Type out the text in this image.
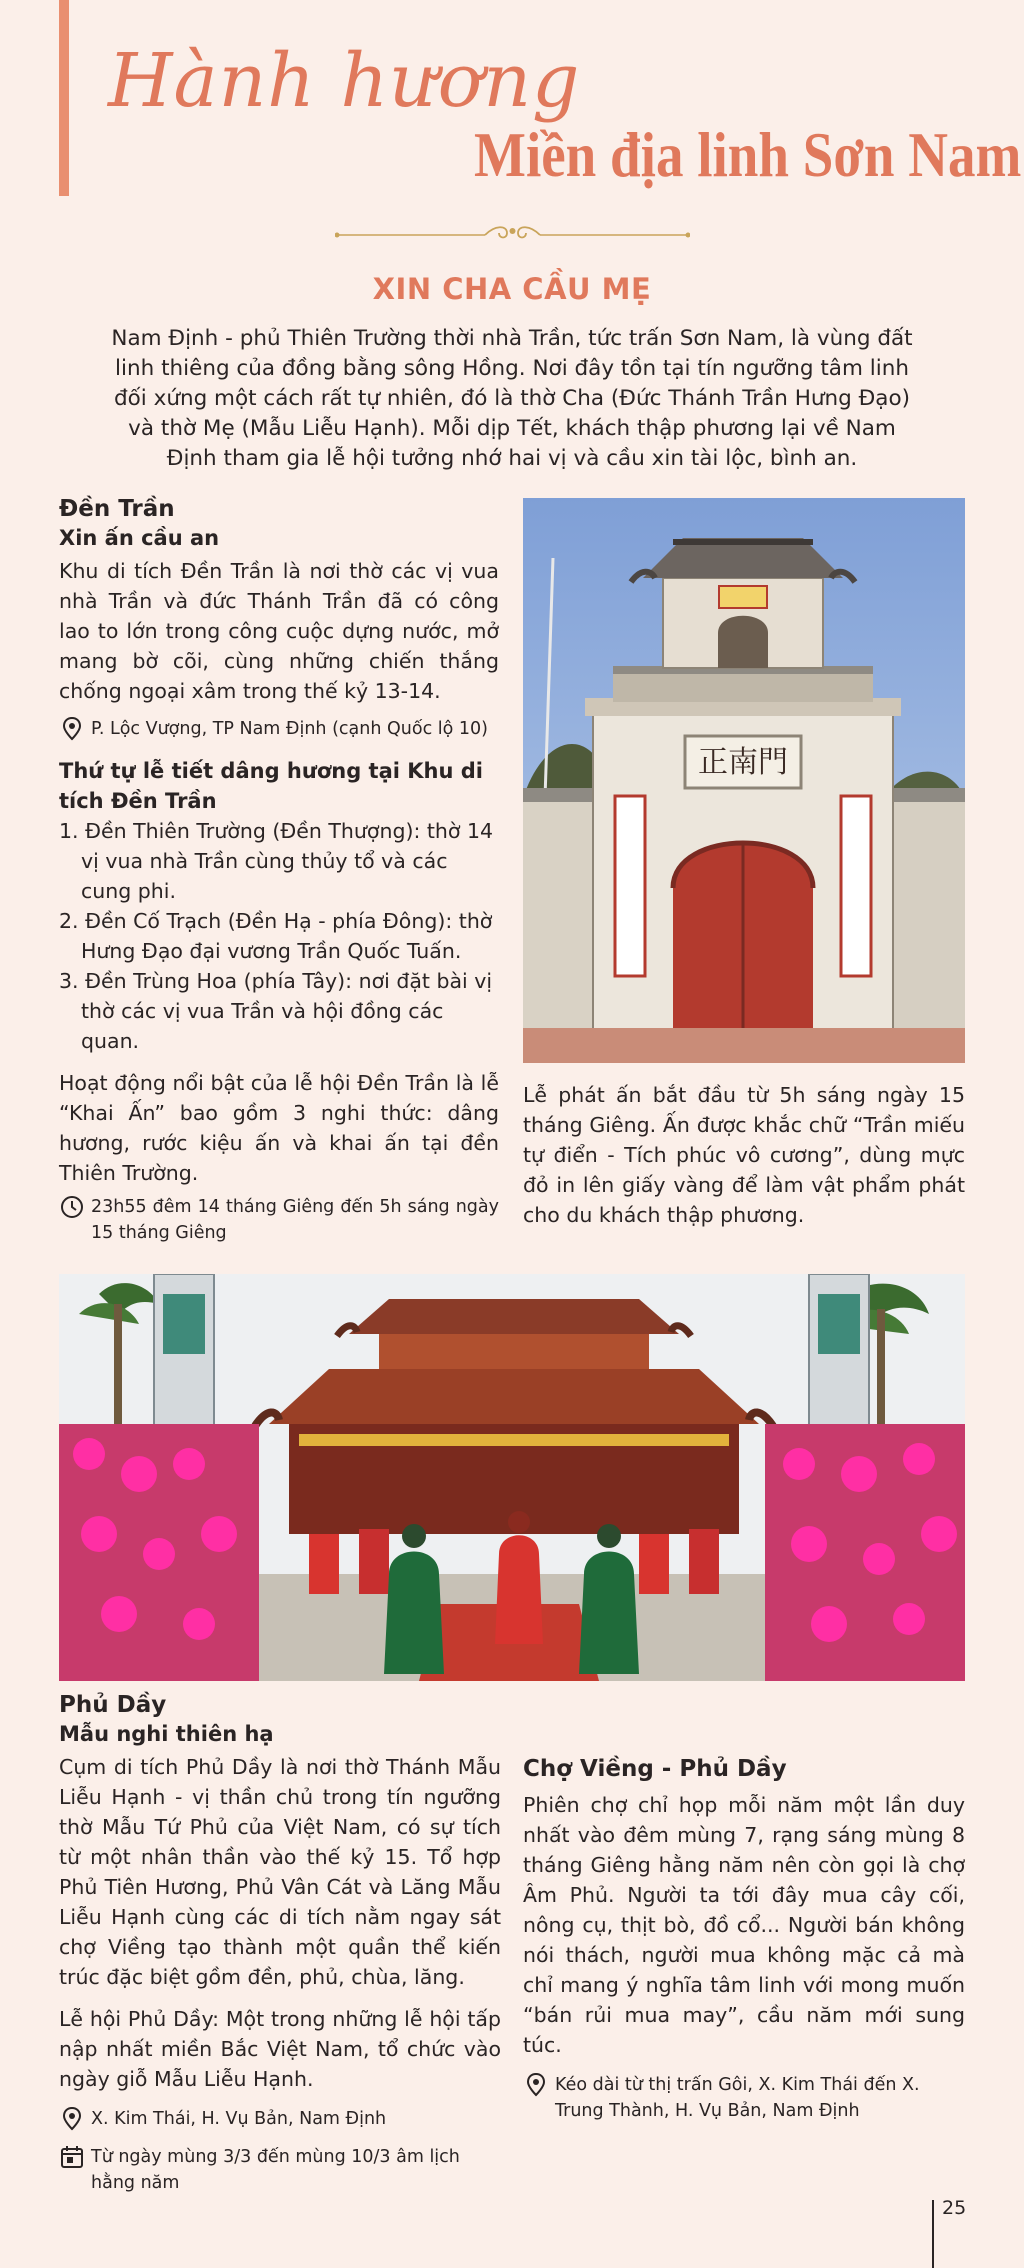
Hành hương
Miền địa linh Sơn Nam
XIN CHA CẦU MẸ
Nam Định - phủ Thiên Trường thời nhà Trần, tức trấn Sơn Nam, là vùng đất linh thiêng của đồng bằng sông Hồng. Nơi đây tồn tại tín ngưỡng tâm linh đối xứng một cách rất tự nhiên, đó là thờ Cha (Đức Thánh Trần Hưng Đạo) và thờ Mẹ (Mẫu Liễu Hạnh). Mỗi dịp Tết, khách thập phương lại về Nam Định tham gia lễ hội tưởng nhớ hai vị và cầu xin tài lộc, bình an.
Đền Trần
Xin ấn cầu an
Khu di tích Đền Trần là nơi thờ các vị vua nhà Trần và đức Thánh Trần đã có công lao to lớn trong công cuộc dựng nước, mở mang bờ cõi, cùng những chiến thắng chống ngoại xâm trong thế kỷ 13-14.
P. Lộc Vượng, TP Nam Định (cạnh Quốc lộ 10)
Thứ tự lễ tiết dâng hương tại Khu di tích Đền Trần
1. Đền Thiên Trường (Đền Thượng): thờ 14 vị vua nhà Trần cùng thủy tổ và các cung phi.
2. Đền Cố Trạch (Đền Hạ - phía Đông): thờ Hưng Đạo đại vương Trần Quốc Tuấn.
3. Đền Trùng Hoa (phía Tây): nơi đặt bài vị thờ các vị vua Trần và hội đồng các quan.
Hoạt động nổi bật của lễ hội Đền Trần là lễ “Khai Ấn” bao gồm 3 nghi thức: dâng hương, rước kiệu ấn và khai ấn tại đền Thiên Trường.
23h55 đêm 14 tháng Giêng đến 5h sáng ngày 15 tháng Giêng
正南門
Lễ phát ấn bắt đầu từ 5h sáng ngày 15 tháng Giêng. Ấn được khắc chữ “Trần miếu tự điển - Tích phúc vô cương”, dùng mực đỏ in lên giấy vàng để làm vật phẩm phát cho du khách thập phương.
Phủ Dầy
Mẫu nghi thiên hạ
Cụm di tích Phủ Dầy là nơi thờ Thánh Mẫu Liễu Hạnh - vị thần chủ trong tín ngưỡng thờ Mẫu Tứ Phủ của Việt Nam, có sự tích từ một nhân thần vào thế kỷ 15. Tổ hợp Phủ Tiên Hương, Phủ Vân Cát và Lăng Mẫu Liễu Hạnh cùng các di tích nằm ngay sát chợ Viềng tạo thành một quần thể kiến trúc đặc biệt gồm đền, phủ, chùa, lăng.
Lễ hội Phủ Dầy: Một trong những lễ hội tấp nập nhất miền Bắc Việt Nam, tổ chức vào ngày giỗ Mẫu Liễu Hạnh.
X. Kim Thái, H. Vụ Bản, Nam Định
Từ ngày mùng 3/3 đến mùng 10/3 âm lịch hằng năm
Chợ Viềng - Phủ Dầy
Phiên chợ chỉ họp mỗi năm một lần duy nhất vào đêm mùng 7, rạng sáng mùng 8 tháng Giêng hằng năm nên còn gọi là chợ Âm Phủ. Người ta tới đây mua cây cối, nông cụ, thịt bò, đồ cổ... Người bán không nói thách, người mua không mặc cả mà chỉ mang ý nghĩa tâm linh với mong muốn “bán rủi mua may”, cầu năm mới sung túc.
Kéo dài từ thị trấn Gôi, X. Kim Thái đến X. Trung Thành, H. Vụ Bản, Nam Định
25
